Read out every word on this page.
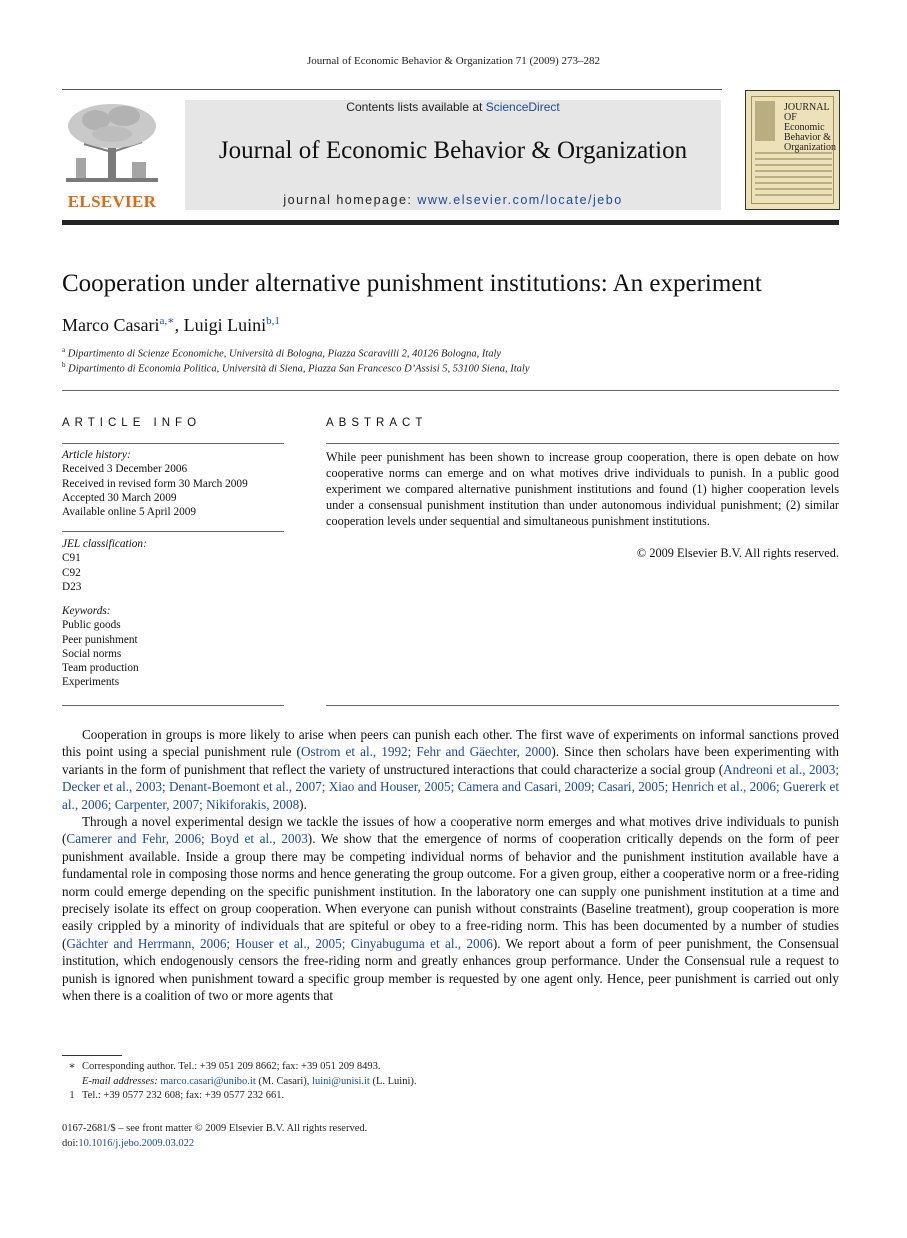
Journal of Economic Behavior & Organization 71 (2009) 273–282
ELSEVIER
Contents lists available at ScienceDirect
Journal of Economic Behavior & Organization
journal homepage: www.elsevier.com/locate/jebo
JOURNAL OF
Economic
Behavior &
Organization
Cooperation under alternative punishment institutions: An experiment
Marco Casari$^{a,∗}$, Luigi Luini$^{b,1}$
$^a$ Dipartimento di Scienze Economiche, Università di Bologna, Piazza Scaravilli 2, 40126 Bologna, Italy
$^b$ Dipartimento di Economia Politica, Università di Siena, Piazza San Francesco D’Assisi 5, 53100 Siena, Italy
ARTICLE INFO
Article history:
Received 3 December 2006
Received in revised form 30 March 2009
Accepted 30 March 2009
Available online 5 April 2009
JEL classification:
C91
C92
D23
Keywords:
Public goods
Peer punishment
Social norms
Team production
Experiments
ABSTRACT
While peer punishment has been shown to increase group cooperation, there is open debate on how cooperative norms can emerge and on what motives drive individuals to punish. In a public good experiment we compared alternative punishment institutions and found (1) higher cooperation levels under a consensual punishment institution than under autonomous individual punishment; (2) similar cooperation levels under sequential and simultaneous punishment institutions.
© 2009 Elsevier B.V. All rights reserved.

Cooperation in groups is more likely to arise when peers can punish each other. The first wave of experiments on informal sanctions proved this point using a special punishment rule (Ostrom et al., 1992; Fehr and Gäechter, 2000). Since then scholars have been experimenting with variants in the form of punishment that reflect the variety of unstructured interactions that could characterize a social group (Andreoni et al., 2003; Decker et al., 2003; Denant-Boemont et al., 2007; Xiao and Houser, 2005; Camera and Casari, 2009; Casari, 2005; Henrich et al., 2006; Guererk et al., 2006; Carpenter, 2007; Nikiforakis, 2008).

Through a novel experimental design we tackle the issues of how a cooperative norm emerges and what motives drive individuals to punish (Camerer and Fehr, 2006; Boyd et al., 2003). We show that the emergence of norms of cooperation critically depends on the form of peer punishment available. Inside a group there may be competing individual norms of behavior and the punishment institution available have a fundamental role in composing those norms and hence generating the group outcome. For a given group, either a cooperative norm or a free-riding norm could emerge depending on the specific punishment institution. In the laboratory one can supply one punishment institution at a time and precisely isolate its effect on group cooperation. When everyone can punish without constraints (Baseline treatment), group cooperation is more easily crippled by a minority of individuals that are spiteful or obey to a free-riding norm. This has been documented by a number of studies (Gächter and Herrmann, 2006; Houser et al., 2005; Cinyabuguma et al., 2006). We report about a form of peer punishment, the Consensual institution, which endogenously censors the free-riding norm and greatly enhances group performance. Under the Consensual rule a request to punish is ignored when punishment toward a specific group member is requested by one agent only. Hence, peer punishment is carried out only when there is a coalition of two or more agents that

∗ Corresponding author. Tel.: +39 051 209 8662; fax: +39 051 209 8493.
E-mail addresses: marco.casari@unibo.it (M. Casari), luini@unisi.it (L. Luini).
1 Tel.: +39 0577 232 608; fax: +39 0577 232 661.
0167-2681/$ – see front matter © 2009 Elsevier B.V. All rights reserved.
doi:10.1016/j.jebo.2009.03.022
